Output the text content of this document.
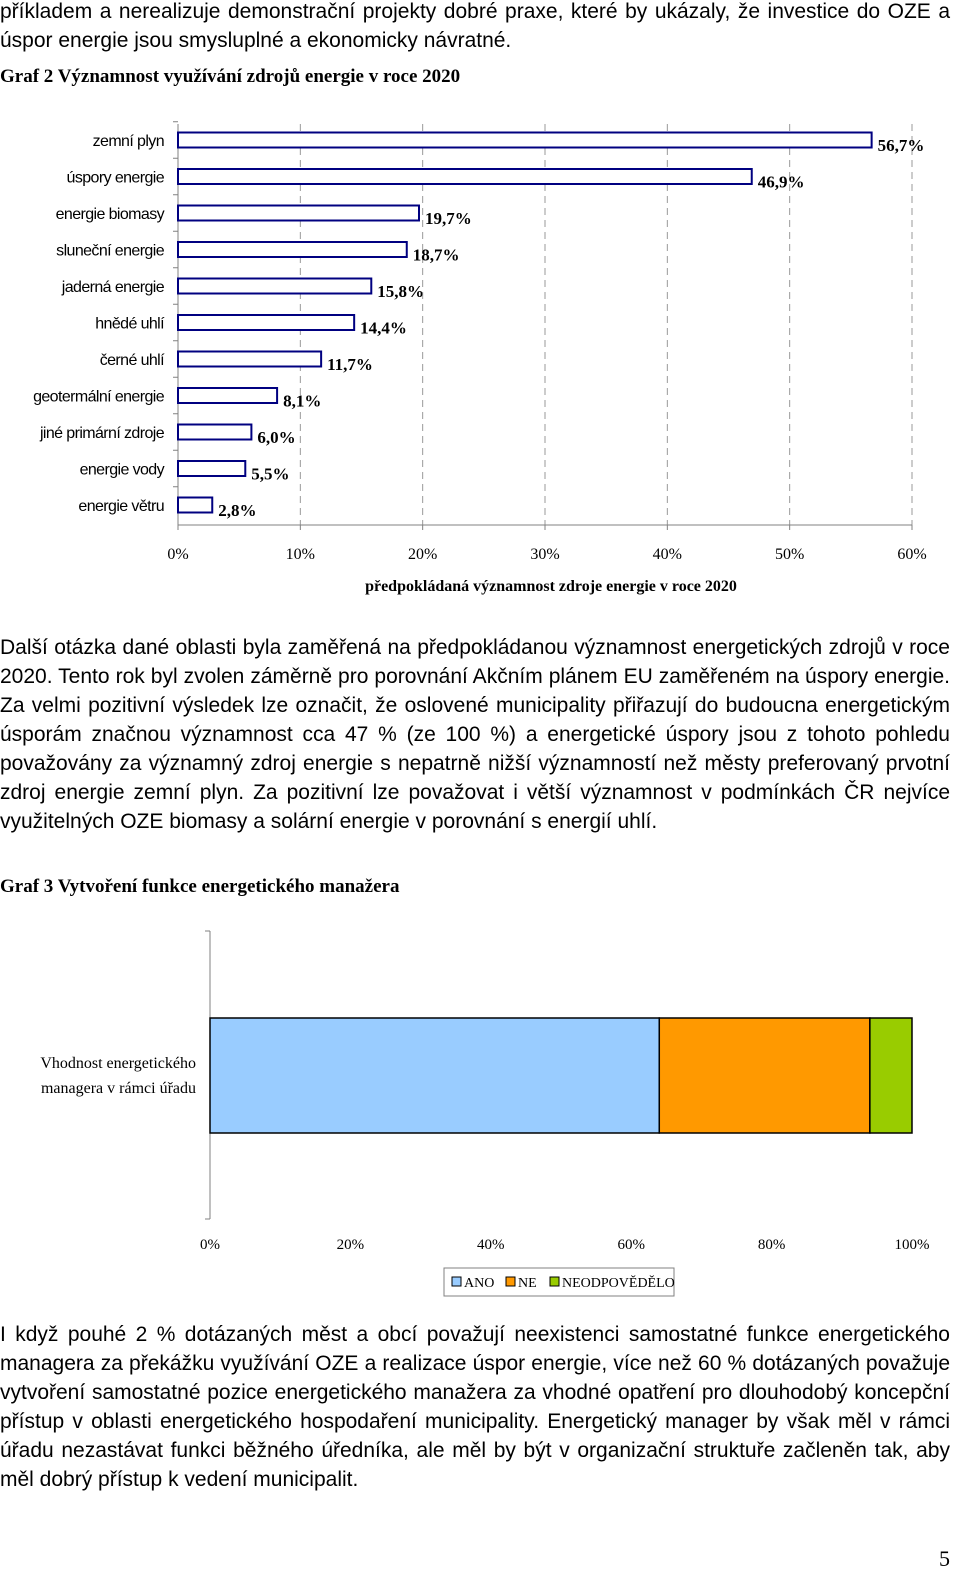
příkladem a nerealizuje demonstrační projekty dobré praxe, které by ukázaly, že investice do OZE a úspor energie jsou smysluplné a ekonomicky návratné.

Graf 2 Významnost využívání zdrojů energie v roce 2020

0%	10%	20%	30%	40%	50%	60%
zemní plyn	56,7%
úspory energie	46,9%
energie biomasy	19,7%
sluneční energie	18,7%
jaderná energie	15,8%
hnědé uhlí	14,4%
černé uhlí	11,7%
geotermální energie	8,1%
jiné primární zdroje	6,0%
energie vody	5,5%
energie větru	2,8%
předpokládaná významnost zdroje energie v roce 2020

Další otázka dané oblasti byla zaměřená na předpokládanou významnost energetických zdrojů v roce 2020. Tento rok byl zvolen záměrně pro porovnání Akčním plánem EU zaměřeném na úspory energie. Za velmi pozitivní výsledek lze označit, že oslovené municipality přiřazují do budoucna energetickým úsporám značnou významnost cca 47 % (ze 100 %) a energetické úspory jsou z tohoto pohledu považovány za významný zdroj energie s nepatrně nižší významností než městy preferovaný prvotní zdroj energie zemní plyn. Za pozitivní lze považovat i větší významnost v podmínkách ČR nejvíce využitelných OZE biomasy a solární energie v porovnání s energií uhlí.

Graf 3 Vytvoření funkce energetického manažera

0%	20%	40%	60%	80%	100%
Vhodnost energetického
managera v rámci úřadu
ANO NE NEODPOVĚDĚLO

I když pouhé 2 % dotázaných měst a obcí považují neexistenci samostatné funkce energetického managera za překážku využívání OZE a realizace úspor energie, více než 60 % dotázaných považuje vytvoření samostatné pozice energetického manažera za vhodné opatření pro dlouhodobý koncepční přístup v oblasti energetického hospodaření municipality. Energetický manager by však měl v rámci úřadu nezastávat funkci běžného úředníka, ale měl by být v organizační struktuře začleněn tak, aby měl dobrý přístup k vedení municipalit.

5
